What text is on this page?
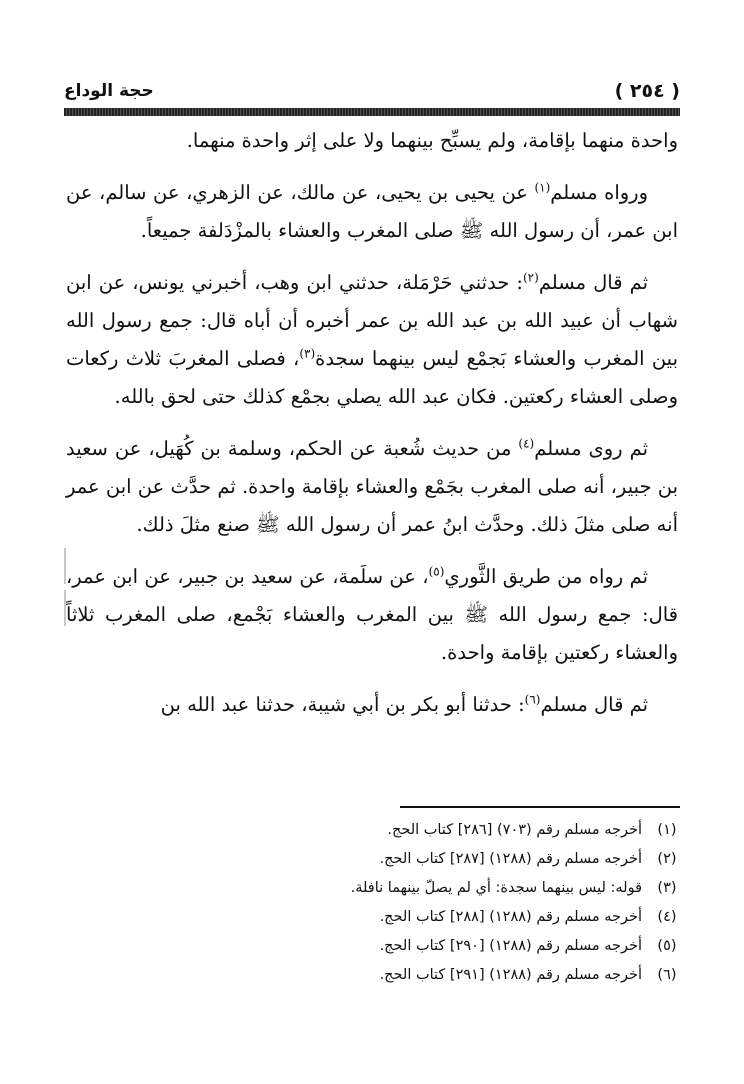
( ٢٥٤ )
حجة الوداع

واحدة منهما بإقامة، ولم يسبِّح بينهما ولا على إثر واحدة منهما.

ورواه مسلم$^{(١)}$ عن يحيى بن يحيى، عن مالك، عن الزهري، عن سالم، عن ابن عمر، أن رسول الله ﷺ صلى المغرب والعشاء بالمزْدَلفة جميعاً.

ثم قال مسلم$^{(٢)}$: حدثني حَرْمَلة، حدثني ابن وهب، أخبرني يونس، عن ابن شهاب أن عبيد الله بن عبد الله بن عمر أخبره أن أباه قال: جمع رسول الله بين المغرب والعشاء بَجمْع ليس بينهما سجدة$^{(٣)}$، فصلى المغربَ ثلاث ركعات وصلى العشاء ركعتين. فكان عبد الله يصلي بجمْع كذلك حتى لحق بالله.

ثم روى مسلم$^{(٤)}$ من حديث شُعبة عن الحكم، وسلمة بن كُهَيل، عن سعيد بن جبير، أنه صلى المغرب بجَمْع والعشاء بإقامة واحدة. ثم حدَّث عن ابن عمر أنه صلى مثلَ ذلك. وحدَّث ابنُ عمر أن رسول الله ﷺ صنع مثلَ ذلك.

ثم رواه من طريق الثَّوري$^{(٥)}$، عن سلَمة، عن سعيد بن جبير، عن ابن عمر، قال: جمع رسول الله ﷺ بين المغرب والعشاء بَجْمع، صلى المغرب ثلاثاً والعشاء ركعتين بإقامة واحدة.

ثم قال مسلم$^{(٦)}$: حدثنا أبو بكر بن أبي شيبة، حدثنا عبد الله بن

(١)
أخرجه مسلم رقم (٧٠٣) [٢٨٦] كتاب الحج.
(٢)
أخرجه مسلم رقم (١٢٨٨) [٢٨٧] كتاب الحج.
(٣)
قوله: ليس بينهما سجدة: أي لم يصلّ بينهما نافلة.
(٤)
أخرجه مسلم رقم (١٢٨٨) [٢٨٨] كتاب الحج.
(٥)
أخرجه مسلم رقم (١٢٨٨) [٢٩٠] كتاب الحج.
(٦)
أخرجه مسلم رقم (١٢٨٨) [٢٩١] كتاب الحج.
